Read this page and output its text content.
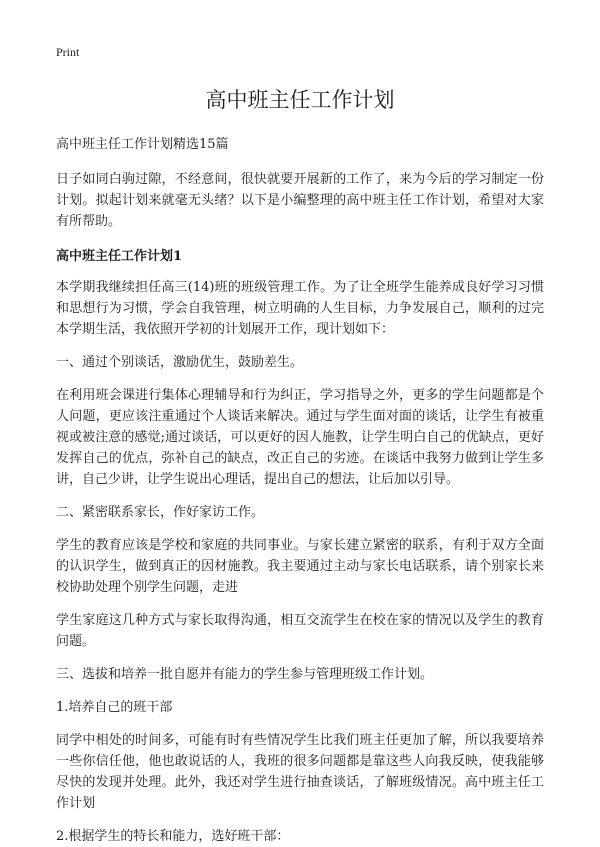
Print
高中班主任工作计划

高中班主任工作计划精选15篇

日子如同白驹过隙，不经意间，很快就要开展新的工作了，来为今后的学习制定一份计划。拟起计划来就毫无头绪？以下是小编整理的高中班主任工作计划，希望对大家有所帮助。

高中班主任工作计划1

本学期我继续担任高三(14)班的班级管理工作。为了让全班学生能养成良好学习习惯和思想行为习惯，学会自我管理，树立明确的人生目标，力争发展自己，顺利的过完本学期生活，我依照开学初的计划展开工作，现计划如下：

一、通过个别谈话，激励优生，鼓励差生。

在利用班会课进行集体心理辅导和行为纠正，学习指导之外，更多的学生问题都是个人问题，更应该注重通过个人谈话来解决。通过与学生面对面的谈话，让学生有被重视或被注意的感觉;通过谈话，可以更好的因人施教，让学生明白自己的优缺点，更好发挥自己的优点，弥补自己的缺点，改正自己的劣迹。在谈话中我努力做到让学生多讲，自己少讲，让学生说出心理话，提出自己的想法，让后加以引导。

二、紧密联系家长，作好家访工作。

学生的教育应该是学校和家庭的共同事业。与家长建立紧密的联系，有利于双方全面的认识学生，做到真正的因材施教。我主要通过主动与家长电话联系，请个别家长来校协助处理个别学生问题，走进

学生家庭这几种方式与家长取得沟通，相互交流学生在校在家的情况以及学生的教育问题。

三、选拔和培养一批自愿并有能力的学生参与管理班级工作计划。

1.培养自己的班干部

同学中相处的时间多，可能有时有些情况学生比我们班主任更加了解，所以我要培养一些你信任他，他也敢说话的人，我班的很多问题都是靠这些人向我反映，使我能够尽快的发现并处理。此外，我还对学生进行抽查谈话，了解班级情况。高中班主任工作计划

2.根据学生的特长和能力，选好班干部：
